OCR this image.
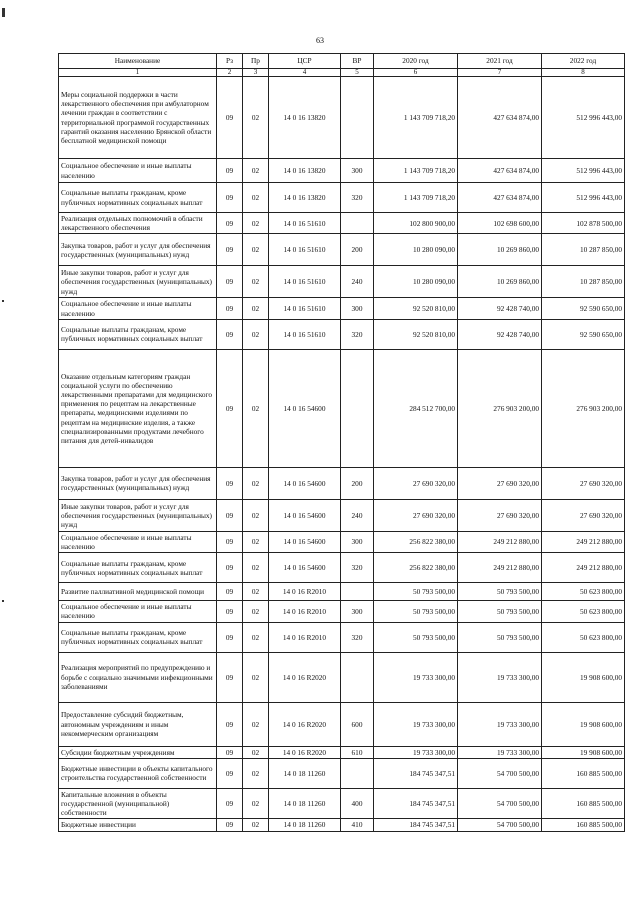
63
Наименование	Рз	Пр	ЦСР	ВР	2020 год	2021 год	2022 год
1	2	3	4	5	6	7	8
Меры социальной поддержки в части лекарственного обеспечения при амбулаторном лечении граждан в соответствии с территориальной программой государственных гарантий оказания населению Брянской области бесплатной медицинской помощи	09	02	14 0 16 13820		1 143 709 718,20	427 634 874,00	512 996 443,00
Социальное обеспечение и иные выплаты населению	09	02	14 0 16 13820	300	1 143 709 718,20	427 634 874,00	512 996 443,00
Социальные выплаты гражданам, кроме публичных нормативных социальных выплат	09	02	14 0 16 13820	320	1 143 709 718,20	427 634 874,00	512 996 443,00
Реализация отдельных полномочий в области лекарственного обеспечения	09	02	14 0 16 51610		102 800 900,00	102 698 600,00	102 878 500,00
Закупка товаров, работ и услуг для обеспечения государственных (муниципальных) нужд	09	02	14 0 16 51610	200	10 280 090,00	10 269 860,00	10 287 850,00
Иные закупки товаров, работ и услуг для обеспечения государственных (муниципальных) нужд	09	02	14 0 16 51610	240	10 280 090,00	10 269 860,00	10 287 850,00
Социальное обеспечение и иные выплаты населению	09	02	14 0 16 51610	300	92 520 810,00	92 428 740,00	92 590 650,00
Социальные выплаты гражданам, кроме публичных нормативных социальных выплат	09	02	14 0 16 51610	320	92 520 810,00	92 428 740,00	92 590 650,00
Оказание отдельным категориям граждан социальной услуги по обеспечению лекарственными препаратами для медицинского применения по рецептам на лекарственные препараты, медицинскими изделиями по рецептам на медицинские изделия, а также специализированными продуктами лечебного питания для детей-инвалидов	09	02	14 0 16 54600		284 512 700,00	276 903 200,00	276 903 200,00
Закупка товаров, работ и услуг для обеспечения государственных (муниципальных) нужд	09	02	14 0 16 54600	200	27 690 320,00	27 690 320,00	27 690 320,00
Иные закупки товаров, работ и услуг для обеспечения государственных (муниципальных) нужд	09	02	14 0 16 54600	240	27 690 320,00	27 690 320,00	27 690 320,00
Социальное обеспечение и иные выплаты населению	09	02	14 0 16 54600	300	256 822 380,00	249 212 880,00	249 212 880,00
Социальные выплаты гражданам, кроме публичных нормативных социальных выплат	09	02	14 0 16 54600	320	256 822 380,00	249 212 880,00	249 212 880,00
Развитие паллиативной медицинской помощи	09	02	14 0 16 R2010		50 793 500,00	50 793 500,00	50 623 800,00
Социальное обеспечение и иные выплаты населению	09	02	14 0 16 R2010	300	50 793 500,00	50 793 500,00	50 623 800,00
Социальные выплаты гражданам, кроме публичных нормативных социальных выплат	09	02	14 0 16 R2010	320	50 793 500,00	50 793 500,00	50 623 800,00
Реализация мероприятий по предупреждению и борьбе с социально значимыми инфекционными заболеваниями	09	02	14 0 16 R2020		19 733 300,00	19 733 300,00	19 908 600,00
Предоставление субсидий бюджетным, автономным учреждениям и иным некоммерческим организациям	09	02	14 0 16 R2020	600	19 733 300,00	19 733 300,00	19 908 600,00
Субсидии бюджетным учреждениям	09	02	14 0 16 R2020	610	19 733 300,00	19 733 300,00	19 908 600,00
Бюджетные инвестиции в объекты капитального строительства государственной собственности	09	02	14 0 18 11260		184 745 347,51	54 700 500,00	160 885 500,00
Капитальные вложения в объекты государственной (муниципальной) собственности	09	02	14 0 18 11260	400	184 745 347,51	54 700 500,00	160 885 500,00
Бюджетные инвестиции	09	02	14 0 18 11260	410	184 745 347,51	54 700 500,00	160 885 500,00
